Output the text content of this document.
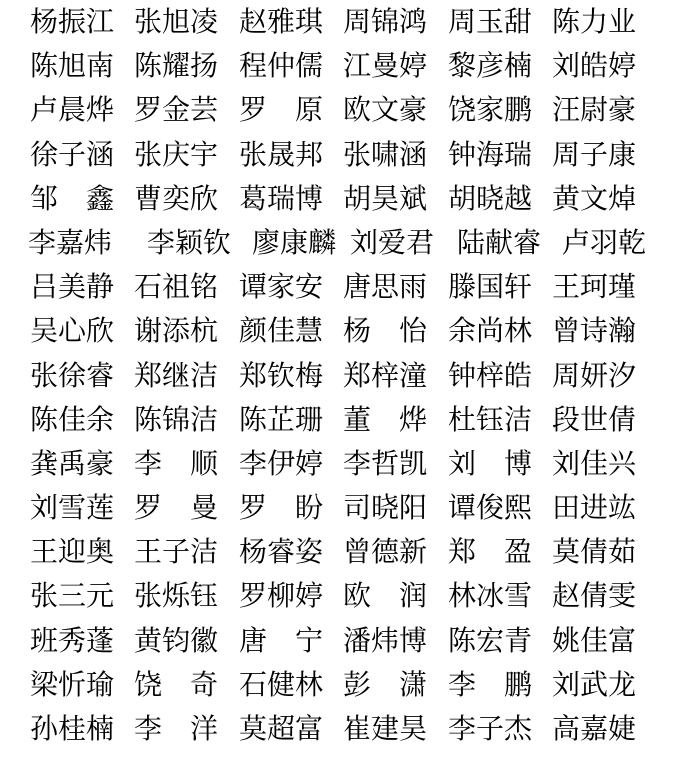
杨振江 张旭凌 赵雅琪 周锦鸿 周玉甜 陈力业
陈旭南 陈耀扬 程仲儒 江曼婷 黎彦楠 刘皓婷
卢晨烨 罗金芸 罗　原 欧文豪 饶家鹏 汪尉豪
徐子涵 张庆宇 张晟邦 张啸涵 钟海瑞 周子康
邹　鑫 曹奕欣 葛瑞博 胡昊斌 胡晓越 黄文焯
李嘉炜 李颖钦 廖康麟 刘爱君 陆献睿 卢羽乾
吕美静 石祖铭 谭家安 唐思雨 滕国轩 王珂瑾
吴心欣 谢添杭 颜佳慧 杨　怡 余尚林 曾诗瀚
张徐睿 郑继洁 郑钦梅 郑梓潼 钟梓皓 周妍汐
陈佳余 陈锦洁 陈芷珊 董　烨 杜钰洁 段世倩
龚禹豪 李　顺 李伊婷 李哲凯 刘　博 刘佳兴
刘雪莲 罗　曼 罗　盼 司晓阳 谭俊熙 田进竑
王迎奥 王子洁 杨睿姿 曾德新 郑　盈 莫倩茹
张三元 张烁钰 罗柳婷 欧　润 林冰雪 赵倩雯
班秀蓬 黄钧徽 唐　宁 潘炜博 陈宏青 姚佳富
梁忻瑜 饶　奇 石健林 彭　潇 李　鹏 刘武龙
孙桂楠 李　洋 莫超富 崔建昊 李子杰 高嘉婕
